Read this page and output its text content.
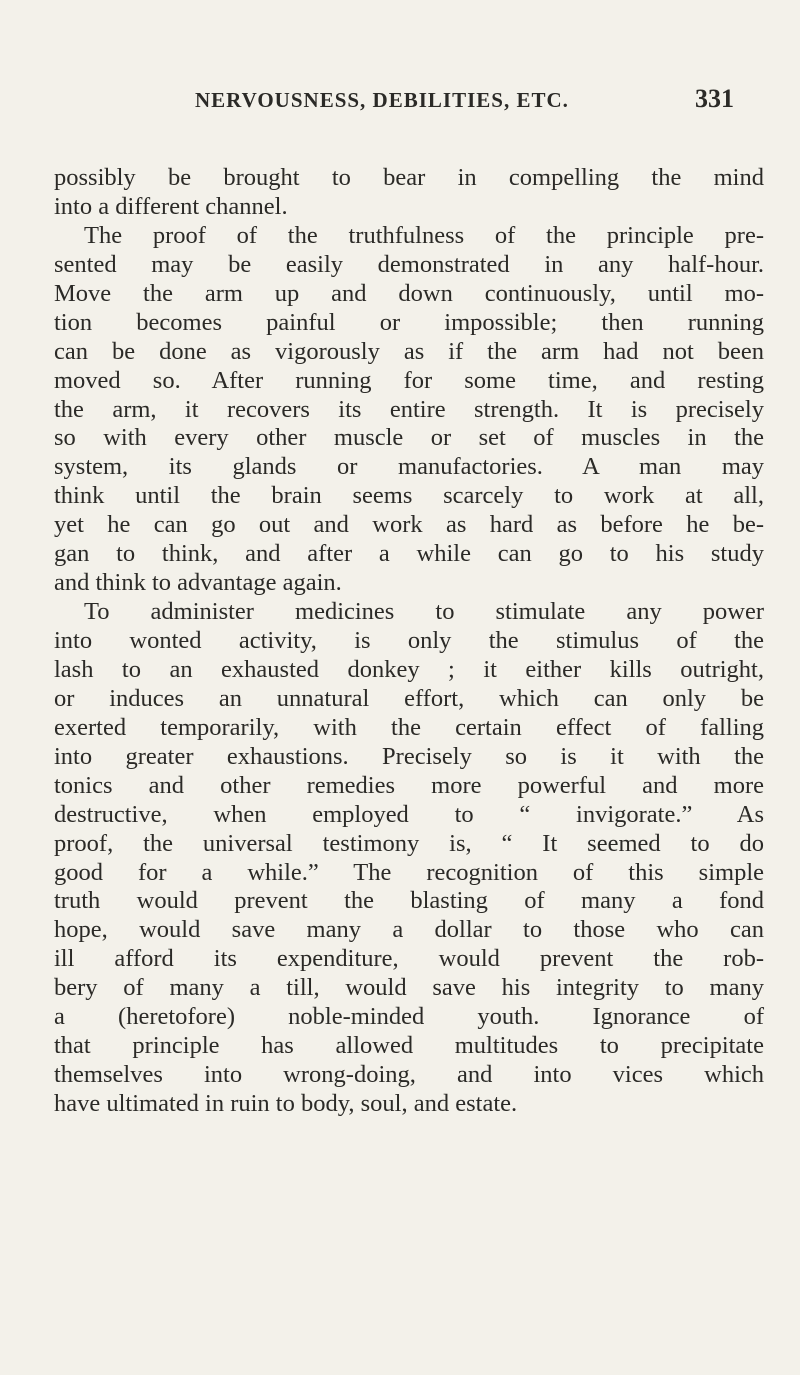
NERVOUSNESS, DEBILITIES, ETC.	331
possibly be brought to bear in compelling the mind
into a different channel.
The proof of the truthfulness of the principle pre-
sented may be easily demonstrated in any half-hour.
Move the arm up and down continuously, until mo-
tion becomes painful or impossible; then running
can be done as vigorously as if the arm had not been
moved so. After running for some time, and resting
the arm, it recovers its entire strength. It is precisely
so with every other muscle or set of muscles in the
system, its glands or manufactories. A man may
think until the brain seems scarcely to work at all,
yet he can go out and work as hard as before he be-
gan to think, and after a while can go to his study
and think to advantage again.
To administer medicines to stimulate any power
into wonted activity, is only the stimulus of the
lash to an exhausted donkey ; it either kills outright,
or induces an unnatural effort, which can only be
exerted temporarily, with the certain effect of falling
into greater exhaustions. Precisely so is it with the
tonics and other remedies more powerful and more
destructive, when employed to “ invigorate.” As
proof, the universal testimony is, “ It seemed to do
good for a while.” The recognition of this simple
truth would prevent the blasting of many a fond
hope, would save many a dollar to those who can
ill afford its expenditure, would prevent the rob-
bery of many a till, would save his integrity to many
a (heretofore) noble-minded youth. Ignorance of
that principle has allowed multitudes to precipitate
themselves into wrong-doing, and into vices which
have ultimated in ruin to body, soul, and estate.
